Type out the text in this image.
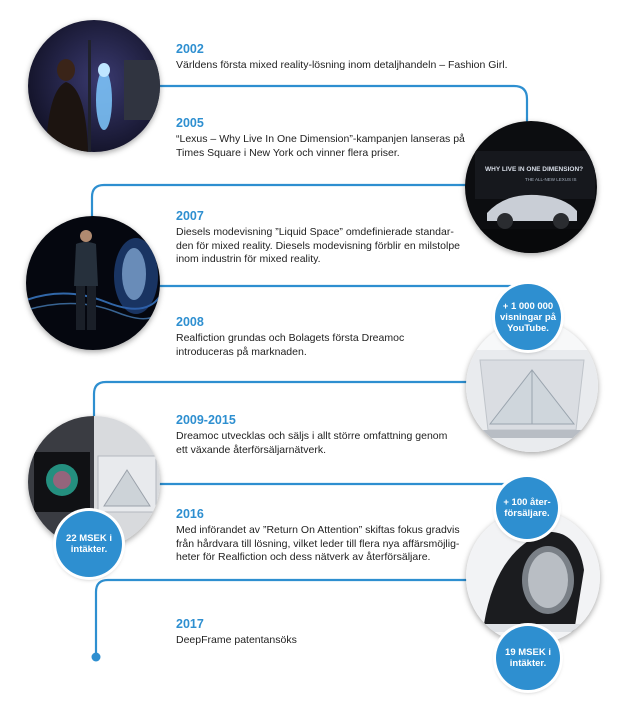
WHY LIVE IN ONE DIMENSION?
THE ALL-NEW LEXUS IS
2002
Världens första mixed reality-lösning inom detaljhandeln – Fashion Girl.
2005
“Lexus – Why Live In One Dimension”-kampanjen lanseras på
Times Square i New York och vinner flera priser.
2007
Diesels modevisning ”Liquid Space” omdefinierade standar-
den för mixed reality. Diesels modevisning förblir en milstolpe
inom industrin för mixed reality.
2008
Realfiction grundas och Bolagets första Dreamoc
introduceras på marknaden.
2009-2015
Dreamoc utvecklas och säljs i allt större omfattning genom
ett växande återförsäljarnätverk.
2016
Med införandet av ”Return On Attention” skiftas fokus gradvis
från hårdvara till lösning, vilket leder till flera nya affärsmöjlig-
heter för Realfiction och dess nätverk av återförsäljare.
2017
DeepFrame patentansöks
+ 1 000 000
visningar på
YouTube.
22 MSEK i
intäkter.
+ 100 åter-
försäljare.
19 MSEK i
intäkter.
